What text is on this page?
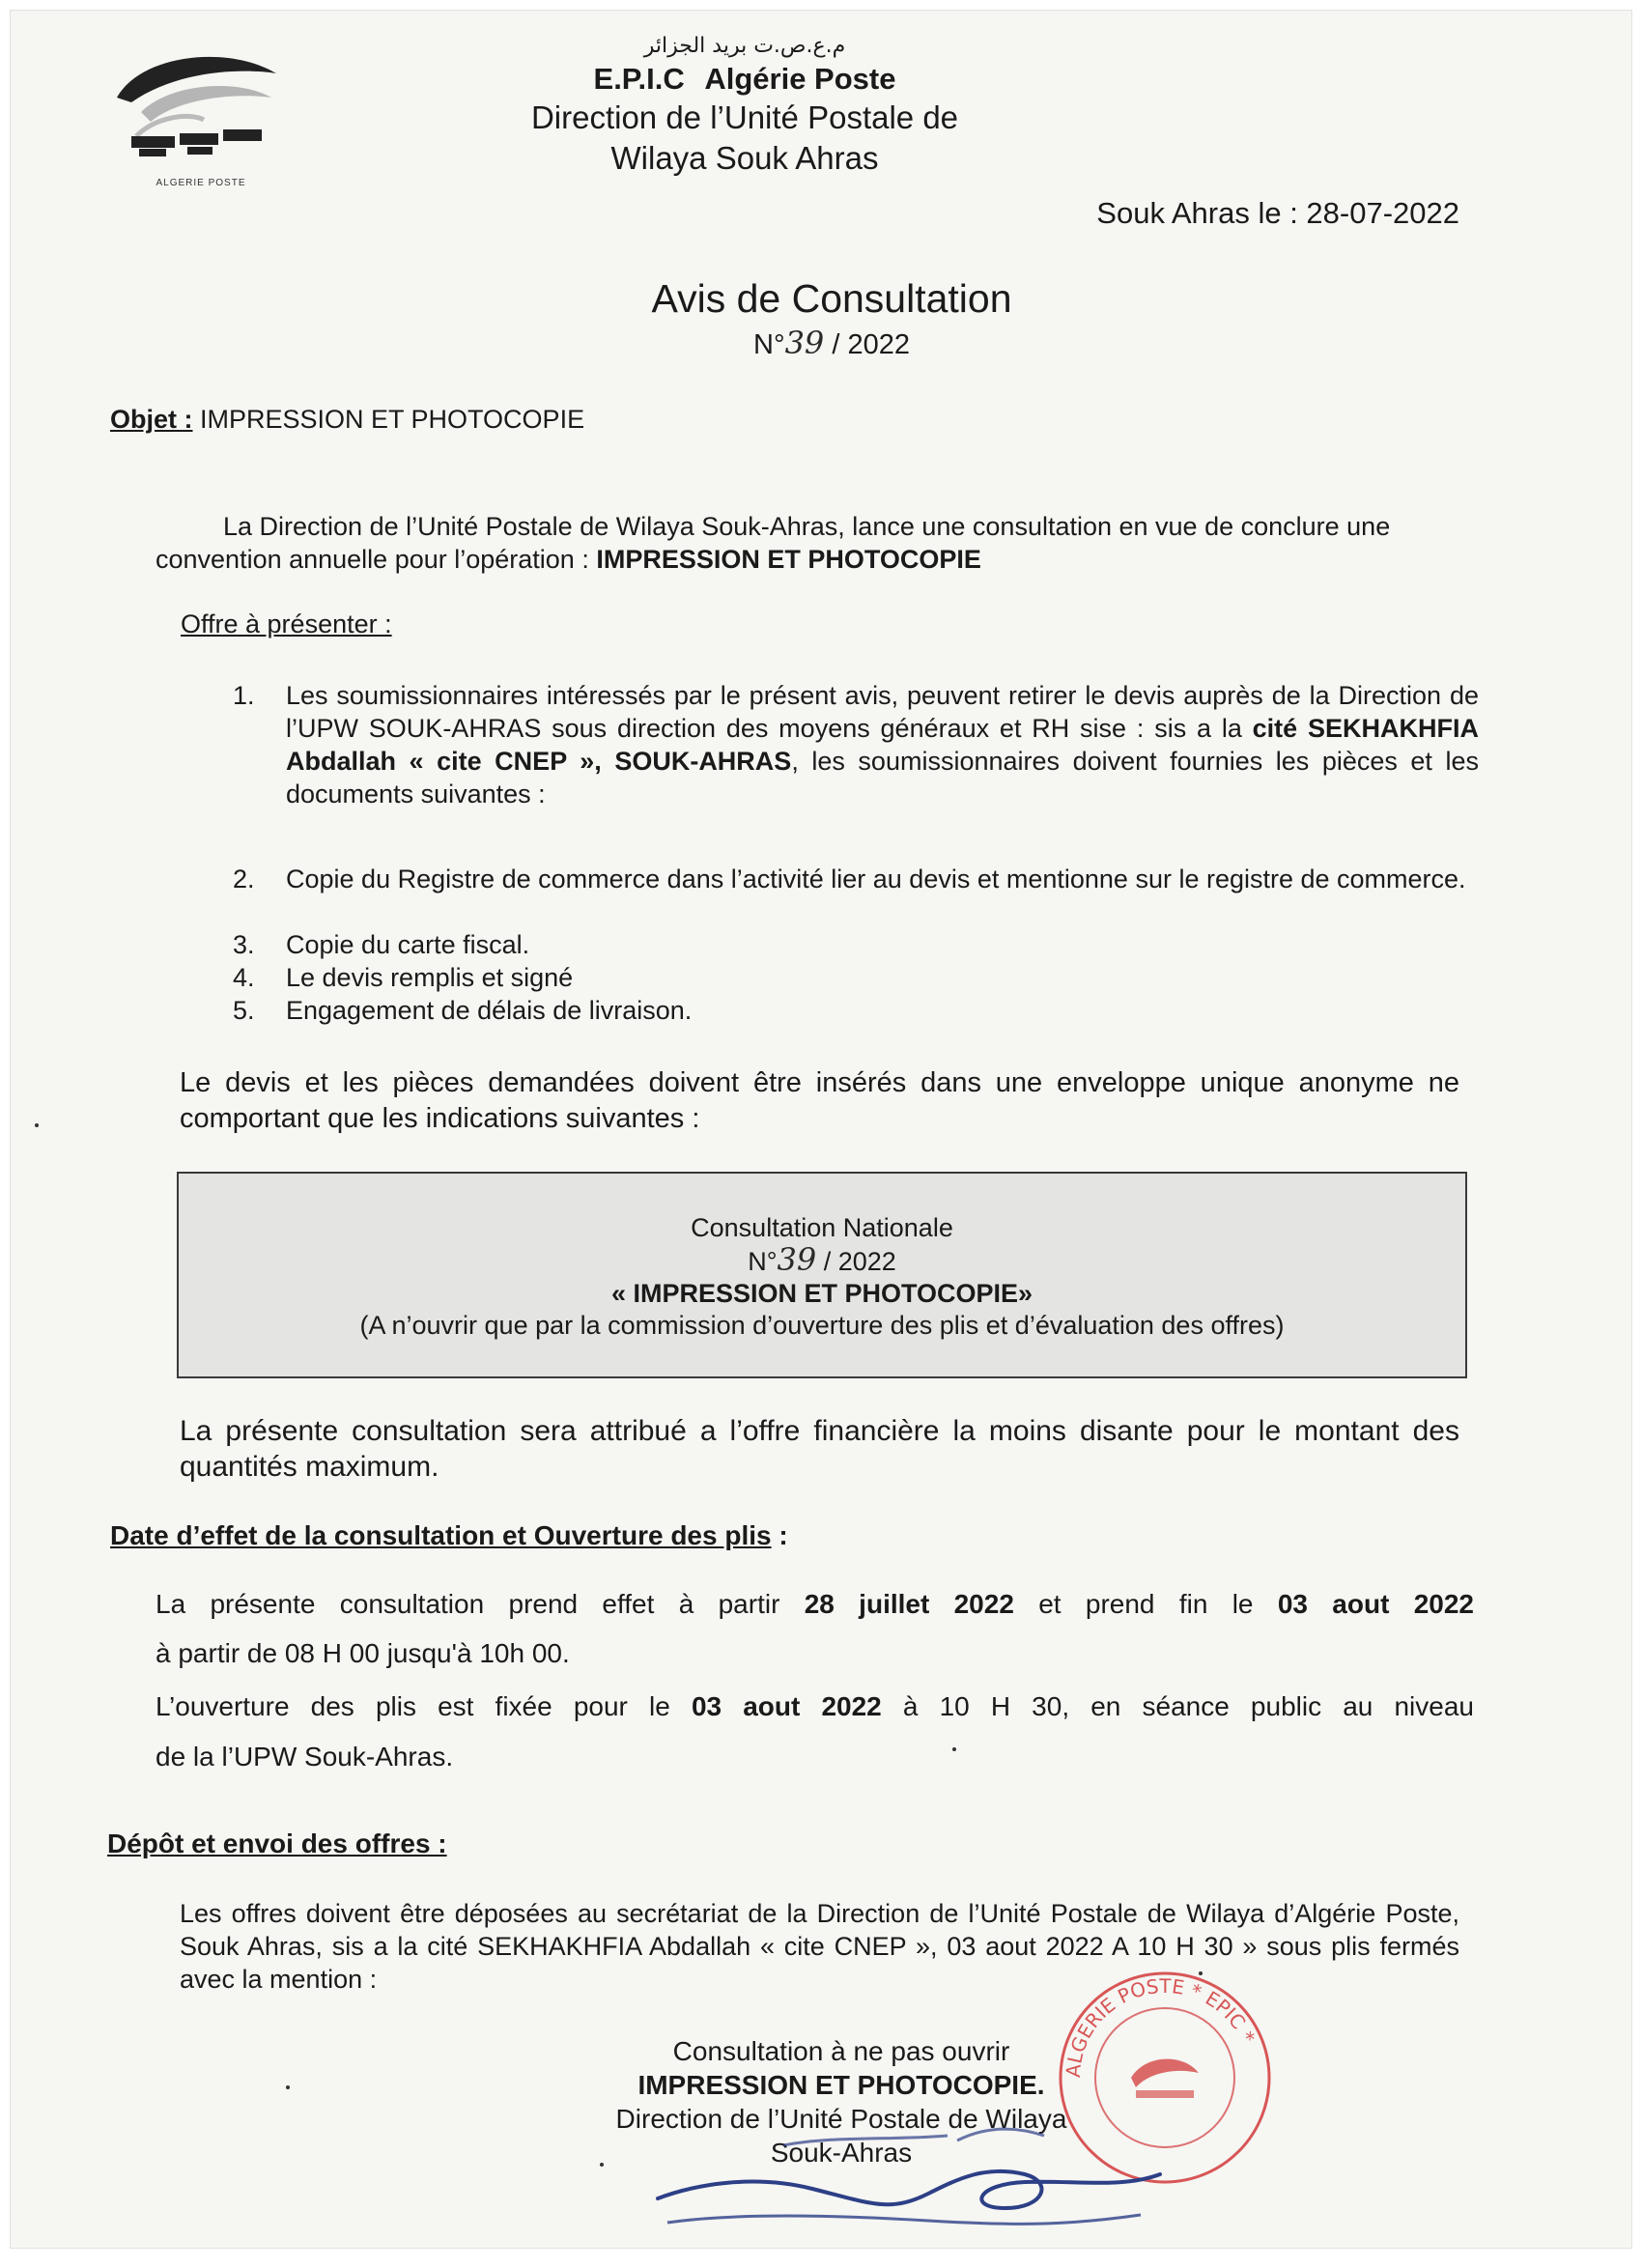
ALGERIE POSTE
م.ع.ص.ت بريد الجزائر
E.P.I.C Algérie Poste
Direction de l’Unité Postale de
Wilaya Souk Ahras
Souk Ahras le : 28-07-2022
Avis de Consultation
N°39 / 2022
Objet : IMPRESSION ET PHOTOCOPIE
La Direction de l’Unité Postale de Wilaya Souk-Ahras, lance une consultation en vue de conclure une convention annuelle pour l’opération : IMPRESSION ET PHOTOCOPIE
Offre à présenter :
1.	Les soumissionnaires intéressés par le présent avis, peuvent retirer le devis auprès de la Direction de l’UPW SOUK-AHRAS sous direction des moyens généraux et RH sise : sis a la cité SEKHAKHFIA Abdallah « cite CNEP », SOUK-AHRAS, les soumissionnaires doivent fournies les pièces et les documents suivantes :
2.	Copie du Registre de commerce dans l’activité lier au devis et mentionne sur le registre de commerce.
3.	Copie du carte fiscal.
4.	Le devis remplis et signé
5.	Engagement de délais de livraison.
Le devis et les pièces demandées doivent être insérés dans une enveloppe unique anonyme ne comportant que les indications suivantes :
Consultation Nationale
N°39 / 2022
« IMPRESSION ET PHOTOCOPIE»
(A n’ouvrir que par la commission d’ouverture des plis et d’évaluation des offres)
La présente consultation sera attribué a l’offre financière la moins disante pour le montant des quantités maximum.
Date d’effet de la consultation et Ouverture des plis :
La présente consultation prend effet à partir 28 juillet 2022 et prend fin le 03 aout 2022
à partir de 08 H 00 jusqu'à 10h 00.
L’ouverture des plis est fixée pour le 03 aout 2022 à 10 H 30, en séance public au niveau
de la l’UPW Souk-Ahras.
Dépôt et envoi des offres :
Les offres doivent être déposées au secrétariat de la Direction de l’Unité Postale de Wilaya d’Algérie Poste, Souk Ahras, sis a la cité SEKHAKHFIA Abdallah « cite CNEP », 03 aout 2022 A 10 H 30 » sous plis fermés avec la mention :
Consultation à ne pas ouvrir
IMPRESSION ET PHOTOCOPIE.
Direction de l’Unité Postale de Wilaya
Souk-Ahras
ALGERIE POSTE * EPIC *
